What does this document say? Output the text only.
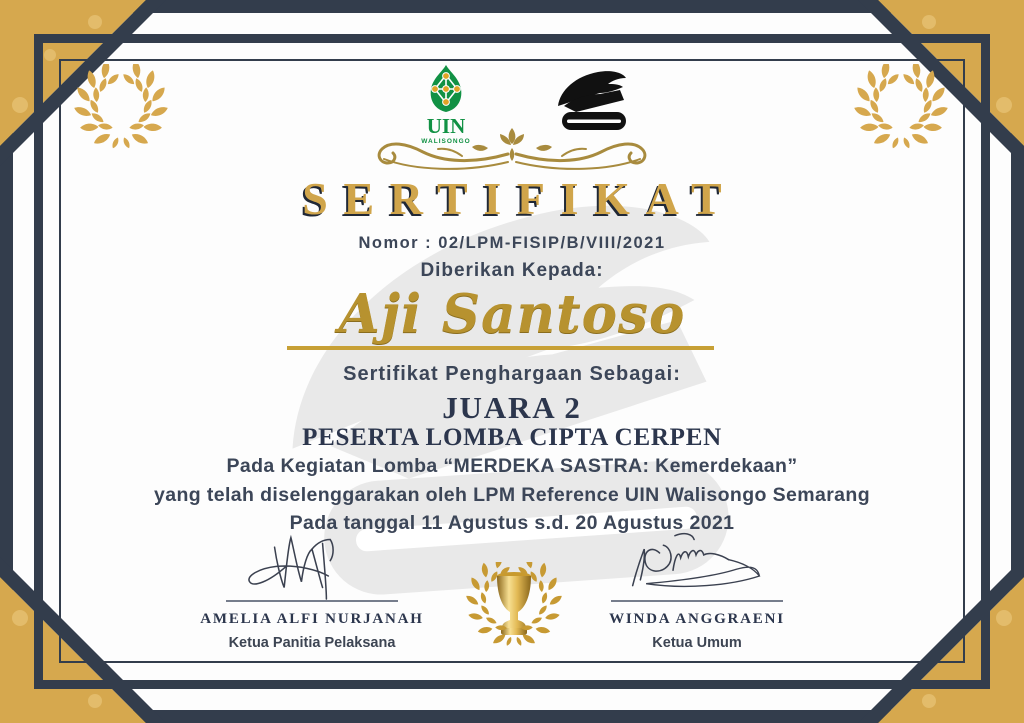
UIN
WALISONGO
SERTIFIKAT
Nomor : 02/LPM-FISIP/B/VIII/2021
Diberikan Kepada:
Aji Santoso
Sertifikat Penghargaan Sebagai:
JUARA 2
PESERTA LOMBA CIPTA CERPEN
Pada Kegiatan Lomba “MERDEKA SASTRA: Kemerdekaan”
yang telah diselenggarakan oleh LPM Reference UIN Walisongo Semarang
Pada tanggal 11 Agustus s.d. 20 Agustus 2021
AMELIA ALFI NURJANAH
Ketua Panitia Pelaksana
WINDA ANGGRAENI
Ketua Umum
